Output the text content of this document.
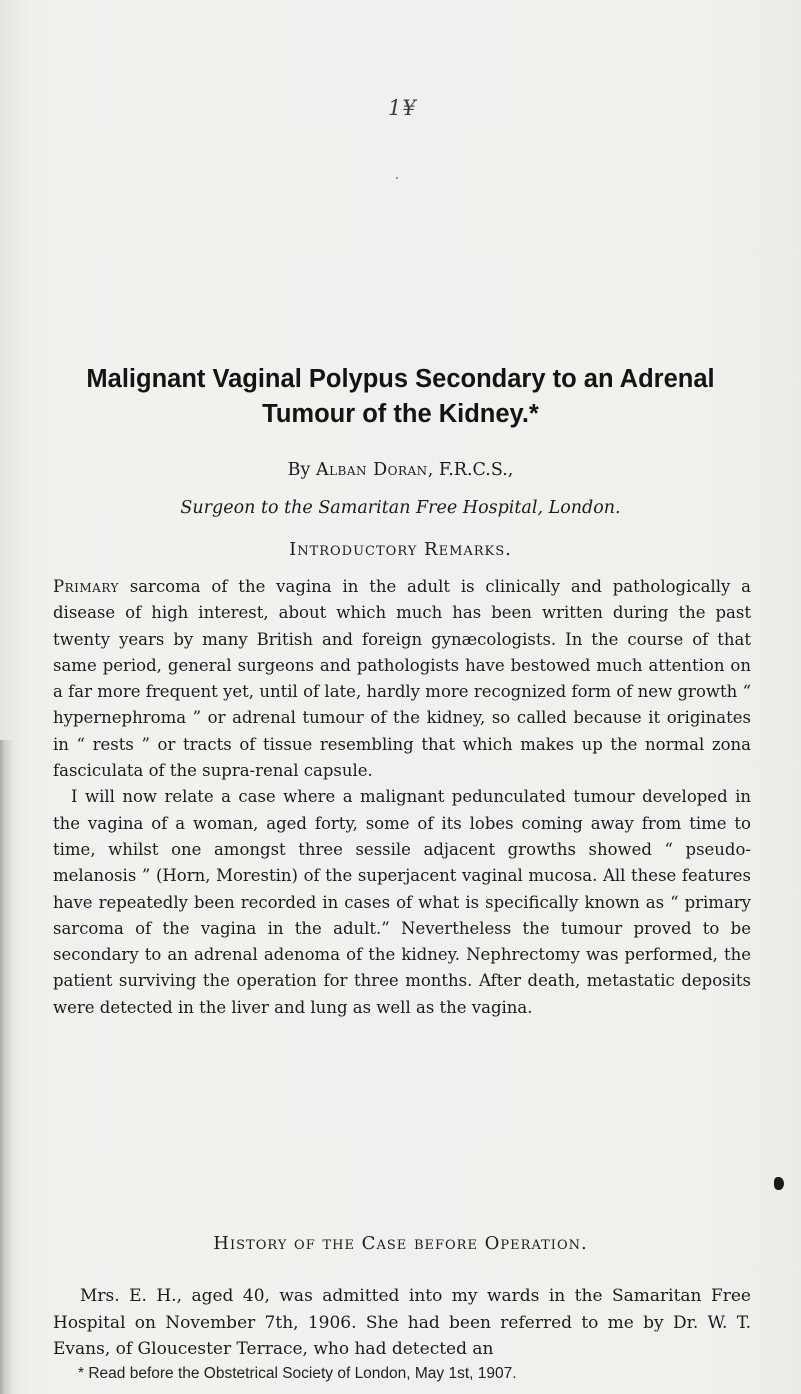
1¥
Malignant Vaginal Polypus Secondary to an Adrenal
Tumour of the Kidney.*
By Alban Doran, F.R.C.S.,
Surgeon to the Samaritan Free Hospital, London.
Introductory Remarks.

Primary sarcoma of the vagina in the adult is clinically and pathologically a disease of high interest, about which much has been written during the past twenty years by many British and foreign gynæcologists. In the course of that same period, general surgeons and pathologists have bestowed much attention on a far more frequent yet, until of late, hardly more recognized form of new growth “ hypernephroma ” or adrenal tumour of the kidney, so called because it originates in “ rests ” or tracts of tissue resembling that which makes up the normal zona fasciculata of the supra-renal capsule.

I will now relate a case where a malignant pedunculated tumour developed in the vagina of a woman, aged forty, some of its lobes coming away from time to time, whilst one amongst three sessile adjacent growths showed “ pseudo-melanosis ” (Horn, Morestin) of the superjacent vaginal mucosa. All these features have repeatedly been recorded in cases of what is specifically known as “ primary sarcoma of the vagina in the adult.” Nevertheless the tumour proved to be secondary to an adrenal adenoma of the kidney. Nephrectomy was performed, the patient surviving the operation for three months. After death, metastatic deposits were detected in the liver and lung as well as the vagina.

History of the Case before Operation.
Mrs. E. H., aged 40, was admitted into my wards in the Samaritan Free Hospital on November 7th, 1906. She had been referred to me by Dr. W. T. Evans, of Gloucester Terrace, who had detected an
* Read before the Obstetrical Society of London, May 1st, 1907.
